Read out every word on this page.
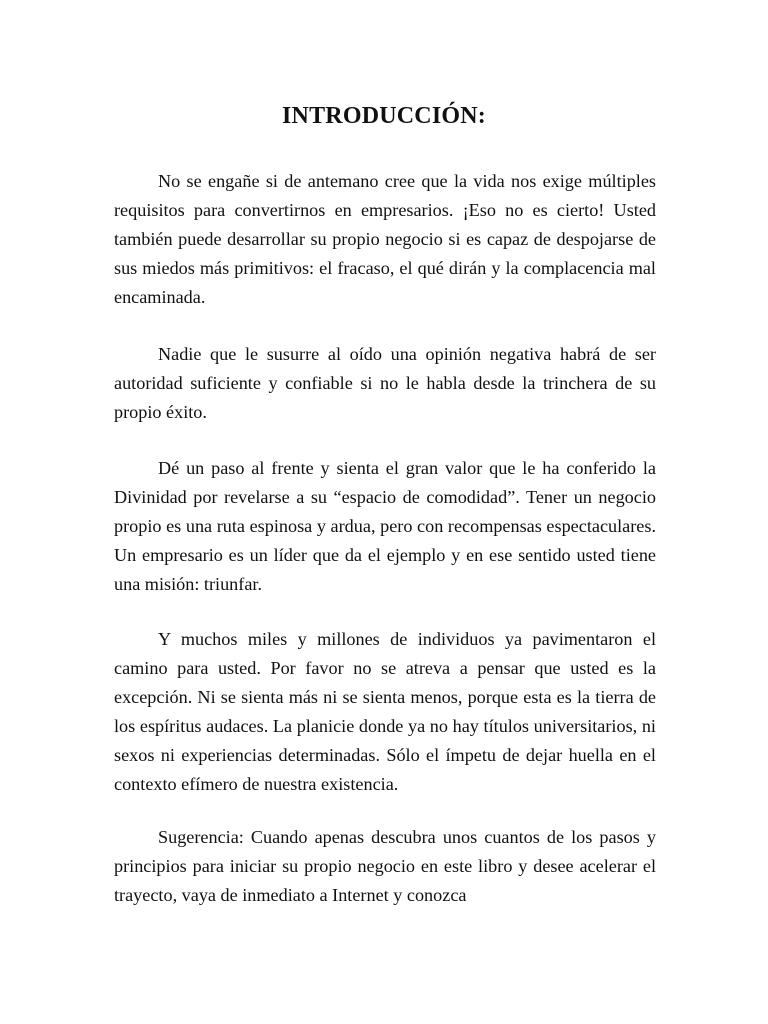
INTRODUCCIÓN:

No se engañe si de antemano cree que la vida nos exige múltiples requisitos para convertirnos en empresarios. ¡Eso no es cierto! Usted también puede desarrollar su propio negocio si es capaz de despojarse de sus miedos más primitivos: el fracaso, el qué dirán y la complacencia mal encaminada.

Nadie que le susurre al oído una opinión negativa habrá de ser autoridad suficiente y confiable si no le habla desde la trinchera de su propio éxito.

Dé un paso al frente y sienta el gran valor que le ha conferido la Divinidad por revelarse a su “espacio de comodidad”. Tener un negocio propio es una ruta espinosa y ardua, pero con recompensas espectaculares. Un empresario es un líder que da el ejemplo y en ese sentido usted tiene una misión: triunfar.

Y muchos miles y millones de individuos ya pavimentaron el camino para usted. Por favor no se atreva a pensar que usted es la excepción. Ni se sienta más ni se sienta menos, porque esta es la tierra de los espíritus audaces. La planicie donde ya no hay títulos universitarios, ni sexos ni experiencias determinadas. Sólo el ímpetu de dejar huella en el contexto efímero de nuestra existencia.

Sugerencia: Cuando apenas descubra unos cuantos de los pasos y principios para iniciar su propio negocio en este libro y desee acelerar el trayecto, vaya de inmediato a Internet y conozca
